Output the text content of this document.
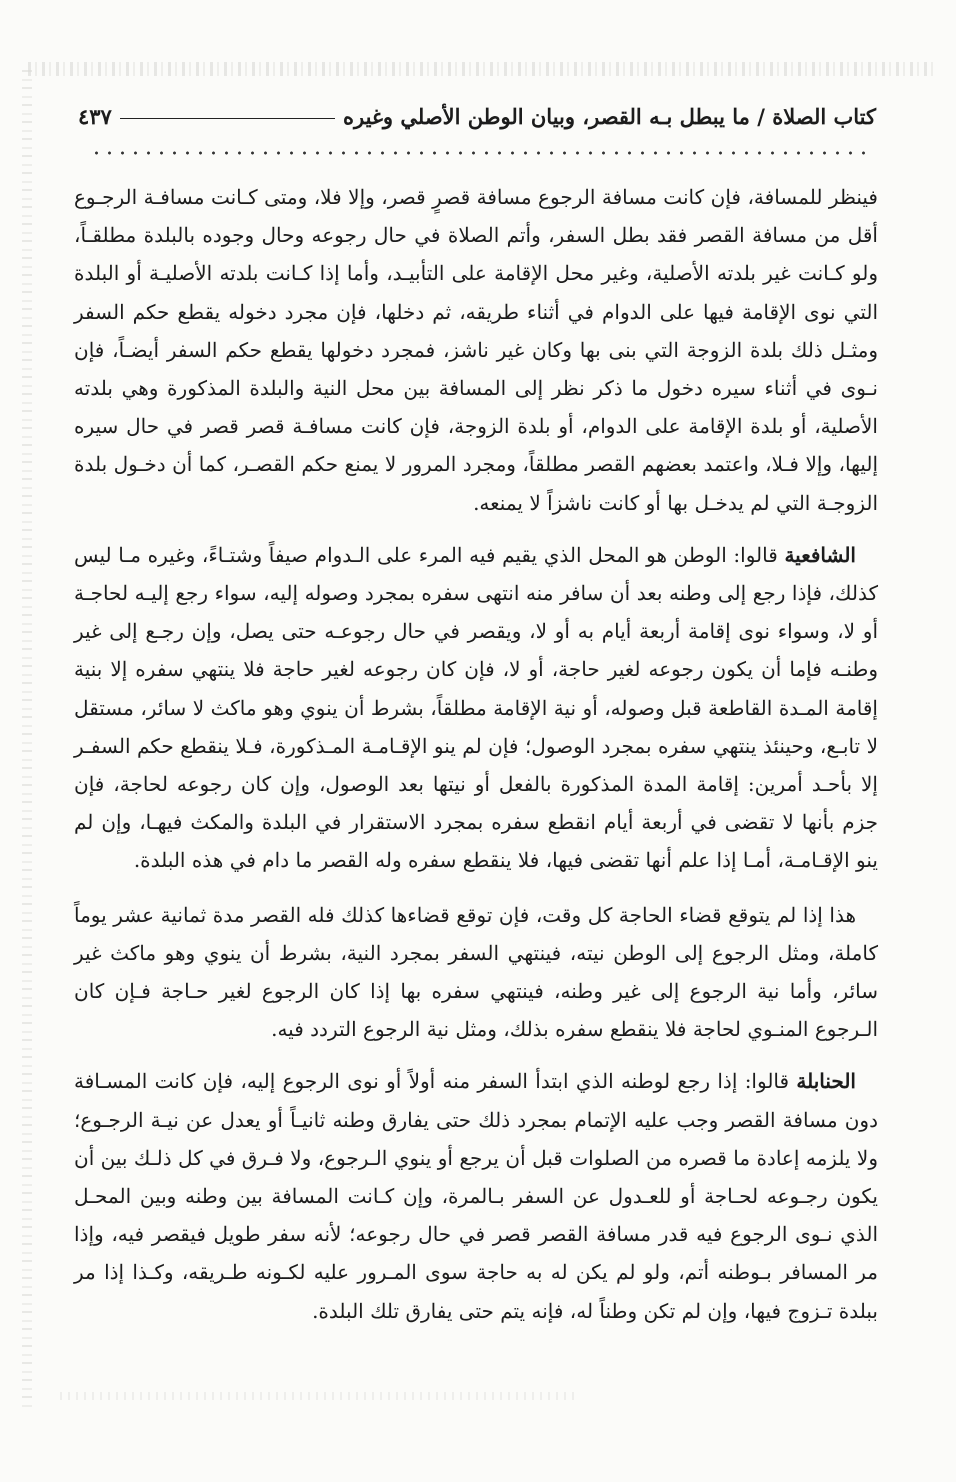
كتاب الصلاة / ما يبطل بـه القصر، وبيان الوطن الأصلي وغيره
٤٣٧

فينظر للمسافة، فإن كانت مسافة الرجوع مسافة قصرٍ قصر، وإلا فلا، ومتى كـانت مسافـة الرجـوع أقل من مسافة القصر فقد بطل السفر، وأتم الصلاة في حال رجوعه وحال وجوده بالبلدة مطلقـاً، ولو كـانت غير بلدته الأصلية، وغير محل الإقامة على التأبيـد، وأما إذا كـانت بلدته الأصليـة أو البلدة التي نوى الإقامة فيها على الدوام في أثناء طريقه، ثم دخلها، فإن مجرد دخوله يقطع حكم السفر ومثـل ذلك بلدة الزوجة التي بنى بها وكان غير ناشز، فمجرد دخولها يقطع حكم السفر أيضـاً، فإن نـوى في أثناء سيره دخول ما ذكر نظر إلى المسافة بين محل النية والبلدة المذكورة وهي بلدته الأصلية، أو بلدة الإقامة على الدوام، أو بلدة الزوجة، فإن كانت مسافـة قصر قصر في حال سيره إليها، وإلا فـلا، واعتمد بعضهم القصر مطلقاً، ومجرد المرور لا يمنع حكم القصـر، كما أن دخـول بلدة الزوجـة التي لم يدخـل بها أو كانت ناشزاً لا يمنعه.

الشافعية قالوا: الوطن هو المحل الذي يقيم فيه المرء على الـدوام صيفاً وشتـاءً، وغيره مـا ليس كذلك، فإذا رجع إلى وطنه بعد أن سافر منه انتهى سفره بمجرد وصوله إليه، سواء رجع إليـه لحاجـة أو لا، وسواء نوى إقامة أربعة أيام به أو لا، ويقصر في حال رجوعـه حتى يصل، وإن رجـع إلى غير وطنـه فإما أن يكون رجوعه لغير حاجة، أو لا، فإن كان رجوعه لغير حاجة فلا ينتهي سفره إلا بنية إقامة المـدة القاطعة قبل وصوله، أو نية الإقامة مطلقاً، بشرط أن ينوي وهو ماكث لا سائر، مستقل لا تابـع، وحينئذ ينتهي سفره بمجرد الوصول؛ فإن لم ينو الإقـامـة المـذكورة، فـلا ينقطع حكم السفـر إلا بأحـد أمرين: إقامة المدة المذكورة بالفعل أو نيتها بعد الوصول، وإن كان رجوعه لحاجة، فإن جزم بأنها لا تقضى في أربعة أيام انقطع سفره بمجرد الاستقرار في البلدة والمكث فيهـا، وإن لم ينو الإقـامـة، أمـا إذا علم أنها تقضى فيها، فلا ينقطع سفره وله القصر ما دام في هذه البلدة.

هذا إذا لم يتوقع قضاء الحاجة كل وقت، فإن توقع قضاءها كذلك فله القصر مدة ثمانية عشر يوماً كاملة، ومثل الرجوع إلى الوطن نيته، فينتهي السفر بمجرد النية، بشرط أن ينوي وهو ماكث غير سائر، وأما نية الرجوع إلى غير وطنه، فينتهي سفره بها إذا كان الرجوع لغير حـاجة فـإن كان الـرجوع المنـوي لحاجة فلا ينقطع سفره بذلك، ومثل نية الرجوع التردد فيه.

الحنابلة قالوا: إذا رجع لوطنه الذي ابتدأ السفر منه أولاً أو نوى الرجوع إليه، فإن كانت المسـافة دون مسافة القصر وجب عليه الإتمام بمجرد ذلك حتى يفارق وطنه ثانيـاً أو يعدل عن نيـة الرجـوع؛ ولا يلزمه إعادة ما قصره من الصلوات قبل أن يرجع أو ينوي الـرجوع، ولا فـرق في كل ذلـك بين أن يكون رجـوعه لحـاجة أو للعـدول عن السفر بـالمرة، وإن كـانت المسافة بين وطنه وبين المحـل الذي نـوى الرجوع فيه قدر مسافة القصر قصر في حال رجوعه؛ لأنه سفر طويل فيقصر فيه، وإذا مر المسافر بـوطنه أتم، ولو لم يكن له به حاجة سوى المـرور عليه لكـونه طـريقه، وكـذا إذا مر ببلدة تـزوج فيها، وإن لم تكن وطناً له، فإنه يتم حتى يفارق تلك البلدة.
